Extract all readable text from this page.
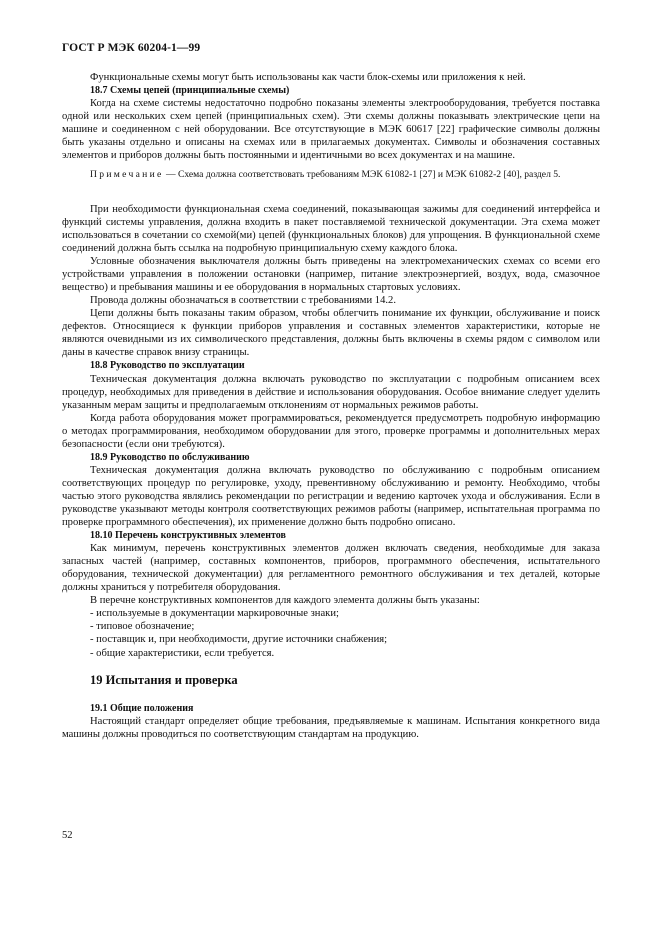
ГОСТ Р МЭК 60204-1—99

Функциональные схемы могут быть использованы как части блок-схемы или приложения к ней.

18.7 Схемы цепей (принципиальные схемы)

Когда на схеме системы недостаточно подробно показаны элементы электрооборудования, требуется поставка одной или нескольких схем цепей (принципиальных схем). Эти схемы должны показывать электрические цепи на машине и соединенном с ней оборудовании. Все отсутствующие в МЭК 60617 [22] графические символы должны быть указаны отдельно и описаны на схемах или в прилагаемых документах. Символы и обозначения составных элементов и приборов должны быть постоянными и идентичными во всех документах и на машине.

Примечание — Схема должна соответствовать требованиям МЭК 61082-1 [27] и МЭК 61082-2 [40], раздел 5.

При необходимости функциональная схема соединений, показывающая зажимы для соединений интерфейса и функций системы управления, должна входить в пакет поставляемой технической документации. Эта схема может использоваться в сочетании со схемой(ми) цепей (функциональных блоков) для упрощения. В функциональной схеме соединений должна быть ссылка на подробную принципиальную схему каждого блока.

Условные обозначения выключателя должны быть приведены на электромеханических схемах со всеми его устройствами управления в положении остановки (например, питание электроэнергией, воздух, вода, смазочное вещество) и пребывания машины и ее оборудования в нормальных стартовых условиях.

Провода должны обозначаться в соответствии с требованиями 14.2.

Цепи должны быть показаны таким образом, чтобы облегчить понимание их функции, обслуживание и поиск дефектов. Относящиеся к функции приборов управления и составных элементов характеристики, которые не являются очевидными из их символического представления, должны быть включены в схемы рядом с символом или даны в качестве справок внизу страницы.

18.8 Руководство по эксплуатации

Техническая документация должна включать руководство по эксплуатации с подробным описанием всех процедур, необходимых для приведения в действие и использования оборудования. Особое внимание следует уделить указанным мерам защиты и предполагаемым отклонениям от нормальных режимов работы.

Когда работа оборудования может программироваться, рекомендуется предусмотреть подробную информацию о методах программирования, необходимом оборудовании для этого, проверке программы и дополнительных мерах безопасности (если они требуются).

18.9 Руководство по обслуживанию

Техническая документация должна включать руководство по обслуживанию с подробным описанием соответствующих процедур по регулировке, уходу, превентивному обслуживанию и ремонту. Необходимо, чтобы частью этого руководства являлись рекомендации по регистрации и ведению карточек ухода и обслуживания. Если в руководстве указывают методы контроля соответствующих режимов работы (например, испытательная программа по проверке программного обеспечения), их применение должно быть подробно описано.

18.10 Перечень конструктивных элементов

Как минимум, перечень конструктивных элементов должен включать сведения, необходимые для заказа запасных частей (например, составных компонентов, приборов, программного обеспечения, испытательного оборудования, технической документации) для регламентного ремонтного обслуживания и тех деталей, которые должны храниться у потребителя оборудования.

В перечне конструктивных компонентов для каждого элемента должны быть указаны:

- используемые в документации маркировочные знаки;
- типовое обозначение;
- поставщик и, при необходимости, другие источники снабжения;
- общие характеристики, если требуется.
19 Испытания и проверка
19.1 Общие положения

Настоящий стандарт определяет общие требования, предъявляемые к машинам. Испытания конкретного вида машины должны проводиться по соответствующим стандартам на продукцию.

52
